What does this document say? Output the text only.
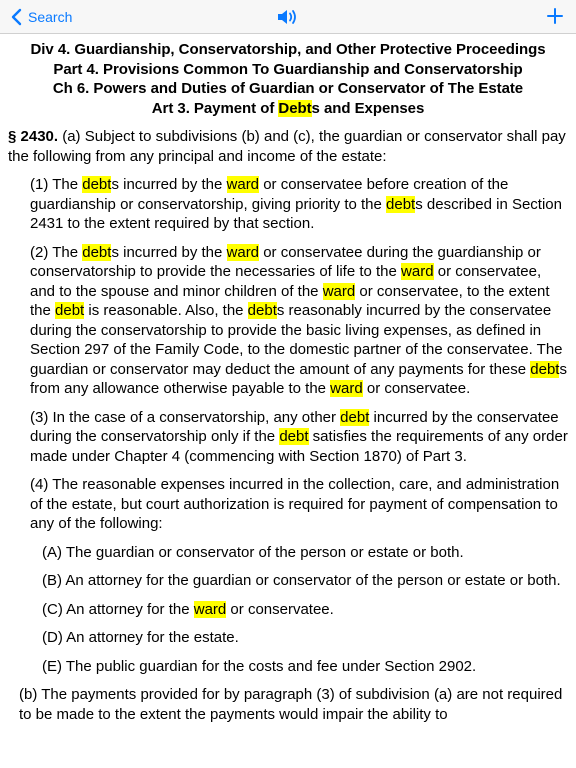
Search
Div 4. Guardianship, Conservatorship, and Other Protective Proceedings
Part 4. Provisions Common To Guardianship and Conservatorship
Ch 6. Powers and Duties of Guardian or Conservator of The Estate
Art 3. Payment of Debts and Expenses

§ 2430. (a) Subject to subdivisions (b) and (c), the guardian or conservator shall pay the following from any principal and income of the estate:

(1) The debts incurred by the ward or conservatee before creation of the guardianship or conservatorship, giving priority to the debts described in Section 2431 to the extent required by that section.

(2) The debts incurred by the ward or conservatee during the guardianship or conservatorship to provide the necessaries of life to the ward or conservatee, and to the spouse and minor children of the ward or conservatee, to the extent the debt is reasonable. Also, the debts reasonably incurred by the conservatee during the conservatorship to provide the basic living expenses, as defined in Section 297 of the Family Code, to the domestic partner of the conservatee. The guardian or conservator may deduct the amount of any payments for these debts from any allowance otherwise payable to the ward or conservatee.

(3) In the case of a conservatorship, any other debt incurred by the conservatee during the conservatorship only if the debt satisfies the requirements of any order made under Chapter 4 (commencing with Section 1870) of Part 3.

(4) The reasonable expenses incurred in the collection, care, and administration of the estate, but court authorization is required for payment of compensation to any of the following:

(A) The guardian or conservator of the person or estate or both.

(B) An attorney for the guardian or conservator of the person or estate or both.

(C) An attorney for the ward or conservatee.

(D) An attorney for the estate.

(E) The public guardian for the costs and fee under Section 2902.

(b) The payments provided for by paragraph (3) of subdivision (a) are not required to be made to the extent the payments would impair the ability to
